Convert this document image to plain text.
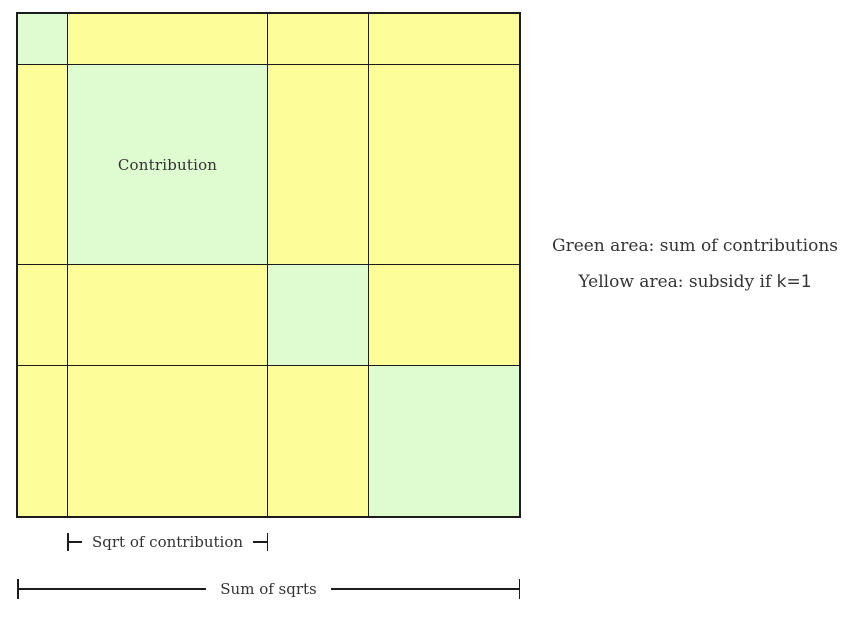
Contribution
Sqrt of contribution
Sum of sqrts
Green area: sum of contributions
Yellow area: subsidy if k=1
